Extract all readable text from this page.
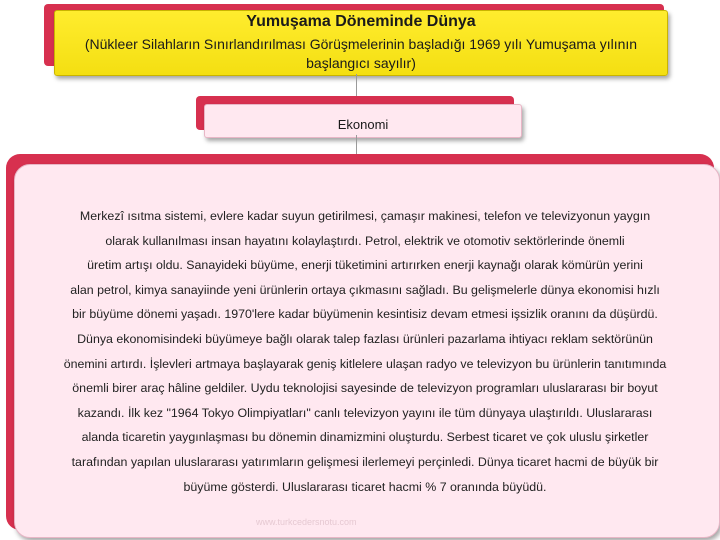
Yumuşama Döneminde Dünya
(Nükleer Silahların Sınırlandırılması Görüşmelerinin başladığı 1969 yılı Yumuşama yılının başlangıcı sayılır)
Ekonomi
Merkezî ısıtma sistemi, evlere kadar suyun getirilmesi, çamaşır makinesi, telefon ve televizyonun yaygın
olarak kullanılması insan hayatını kolaylaştırdı. Petrol, elektrik ve otomotiv sektörlerinde önemli
üretim artışı oldu. Sanayideki büyüme, enerji tüketimini artırırken enerji kaynağı olarak kömürün yerini
alan petrol, kimya sanayiinde yeni ürünlerin ortaya çıkmasını sağladı. Bu gelişmelerle dünya ekonomisi hızlı
bir büyüme dönemi yaşadı. 1970'lere kadar büyümenin kesintisiz devam etmesi işsizlik oranını da düşürdü.
Dünya ekonomisindeki büyümeye bağlı olarak talep fazlası ürünleri pazarlama ihtiyacı reklam sektörünün
önemini artırdı. İşlevleri artmaya başlayarak geniş kitlelere ulaşan radyo ve televizyon bu ürünlerin tanıtımında
önemli birer araç hâline geldiler. Uydu teknolojisi sayesinde de televizyon programları uluslararası bir boyut
kazandı. İlk kez "1964 Tokyo Olimpiyatları" canlı televizyon yayını ile tüm dünyaya ulaştırıldı. Uluslararası
alanda ticaretin yaygınlaşması bu dönemin dinamizmini oluşturdu. Serbest ticaret ve çok uluslu şirketler
tarafından yapılan uluslararası yatırımların gelişmesi ilerlemeyi perçinledi. Dünya ticaret hacmi de büyük bir
büyüme gösterdi. Uluslararası ticaret hacmi % 7 oranında büyüdü.
www.turkcedersnotu.com
